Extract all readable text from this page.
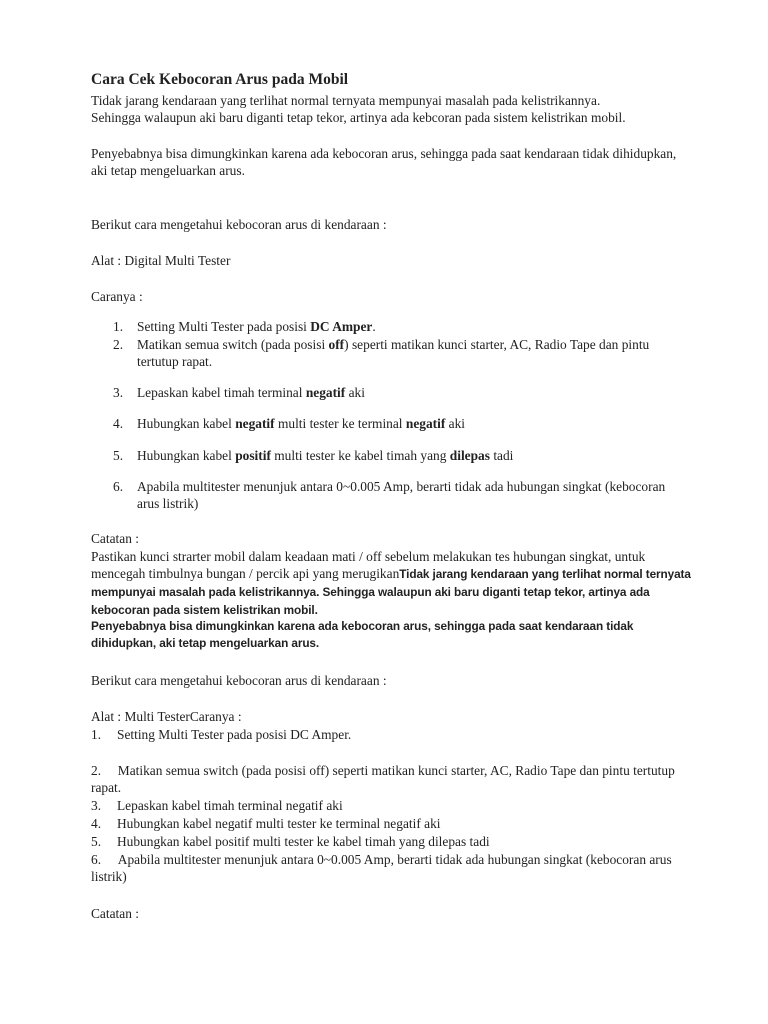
Cara Cek Kebocoran Arus pada Mobil

Tidak jarang kendaraan yang terlihat normal ternyata mempunyai masalah pada kelistrikannya.

Sehingga walaupun aki baru diganti tetap tekor, artinya ada kebcoran pada sistem kelistrikan mobil.

Penyebabnya bisa dimungkinkan karena ada kebocoran arus, sehingga pada saat kendaraan tidak dihidupkan, aki tetap mengeluarkan arus.

Berikut cara mengetahui kebocoran arus di kendaraan :

Alat : Digital Multi Tester

Caranya :

1. Setting Multi Tester pada posisi DC Amper.
2. Matikan semua switch (pada posisi off) seperti matikan kunci starter, AC, Radio Tape dan pintu tertutup rapat.
3. Lepaskan kabel timah terminal negatif aki
4. Hubungkan kabel negatif multi tester ke terminal negatif aki
5. Hubungkan kabel positif multi tester ke kabel timah yang dilepas tadi
6. Apabila multitester menunjuk antara 0~0.005 Amp, berarti tidak ada hubungan singkat (kebocoran arus listrik)

Catatan :

Pastikan kunci strarter mobil dalam keadaan mati / off sebelum melakukan tes hubungan singkat, untuk mencegah timbulnya bungan / percik api yang merugikanTidak jarang kendaraan yang terlihat normal ternyata mempunyai masalah pada kelistrikannya. Sehingga walaupun aki baru diganti tetap tekor, artinya ada kebocoran pada sistem kelistrikan mobil.

Penyebabnya bisa dimungkinkan karena ada kebocoran arus, sehingga pada saat kendaraan tidak dihidupkan, aki tetap mengeluarkan arus.

Berikut cara mengetahui kebocoran arus di kendaraan :

Alat : Multi TesterCaranya :

1. Setting Multi Tester pada posisi DC Amper.
2. Matikan semua switch (pada posisi off) seperti matikan kunci starter, AC, Radio Tape dan pintu tertutup rapat.
3. Lepaskan kabel timah terminal negatif aki
4. Hubungkan kabel negatif multi tester ke terminal negatif aki
5. Hubungkan kabel positif multi tester ke kabel timah yang dilepas tadi
6. Apabila multitester menunjuk antara 0~0.005 Amp, berarti tidak ada hubungan singkat (kebocoran arus listrik)

Catatan :
